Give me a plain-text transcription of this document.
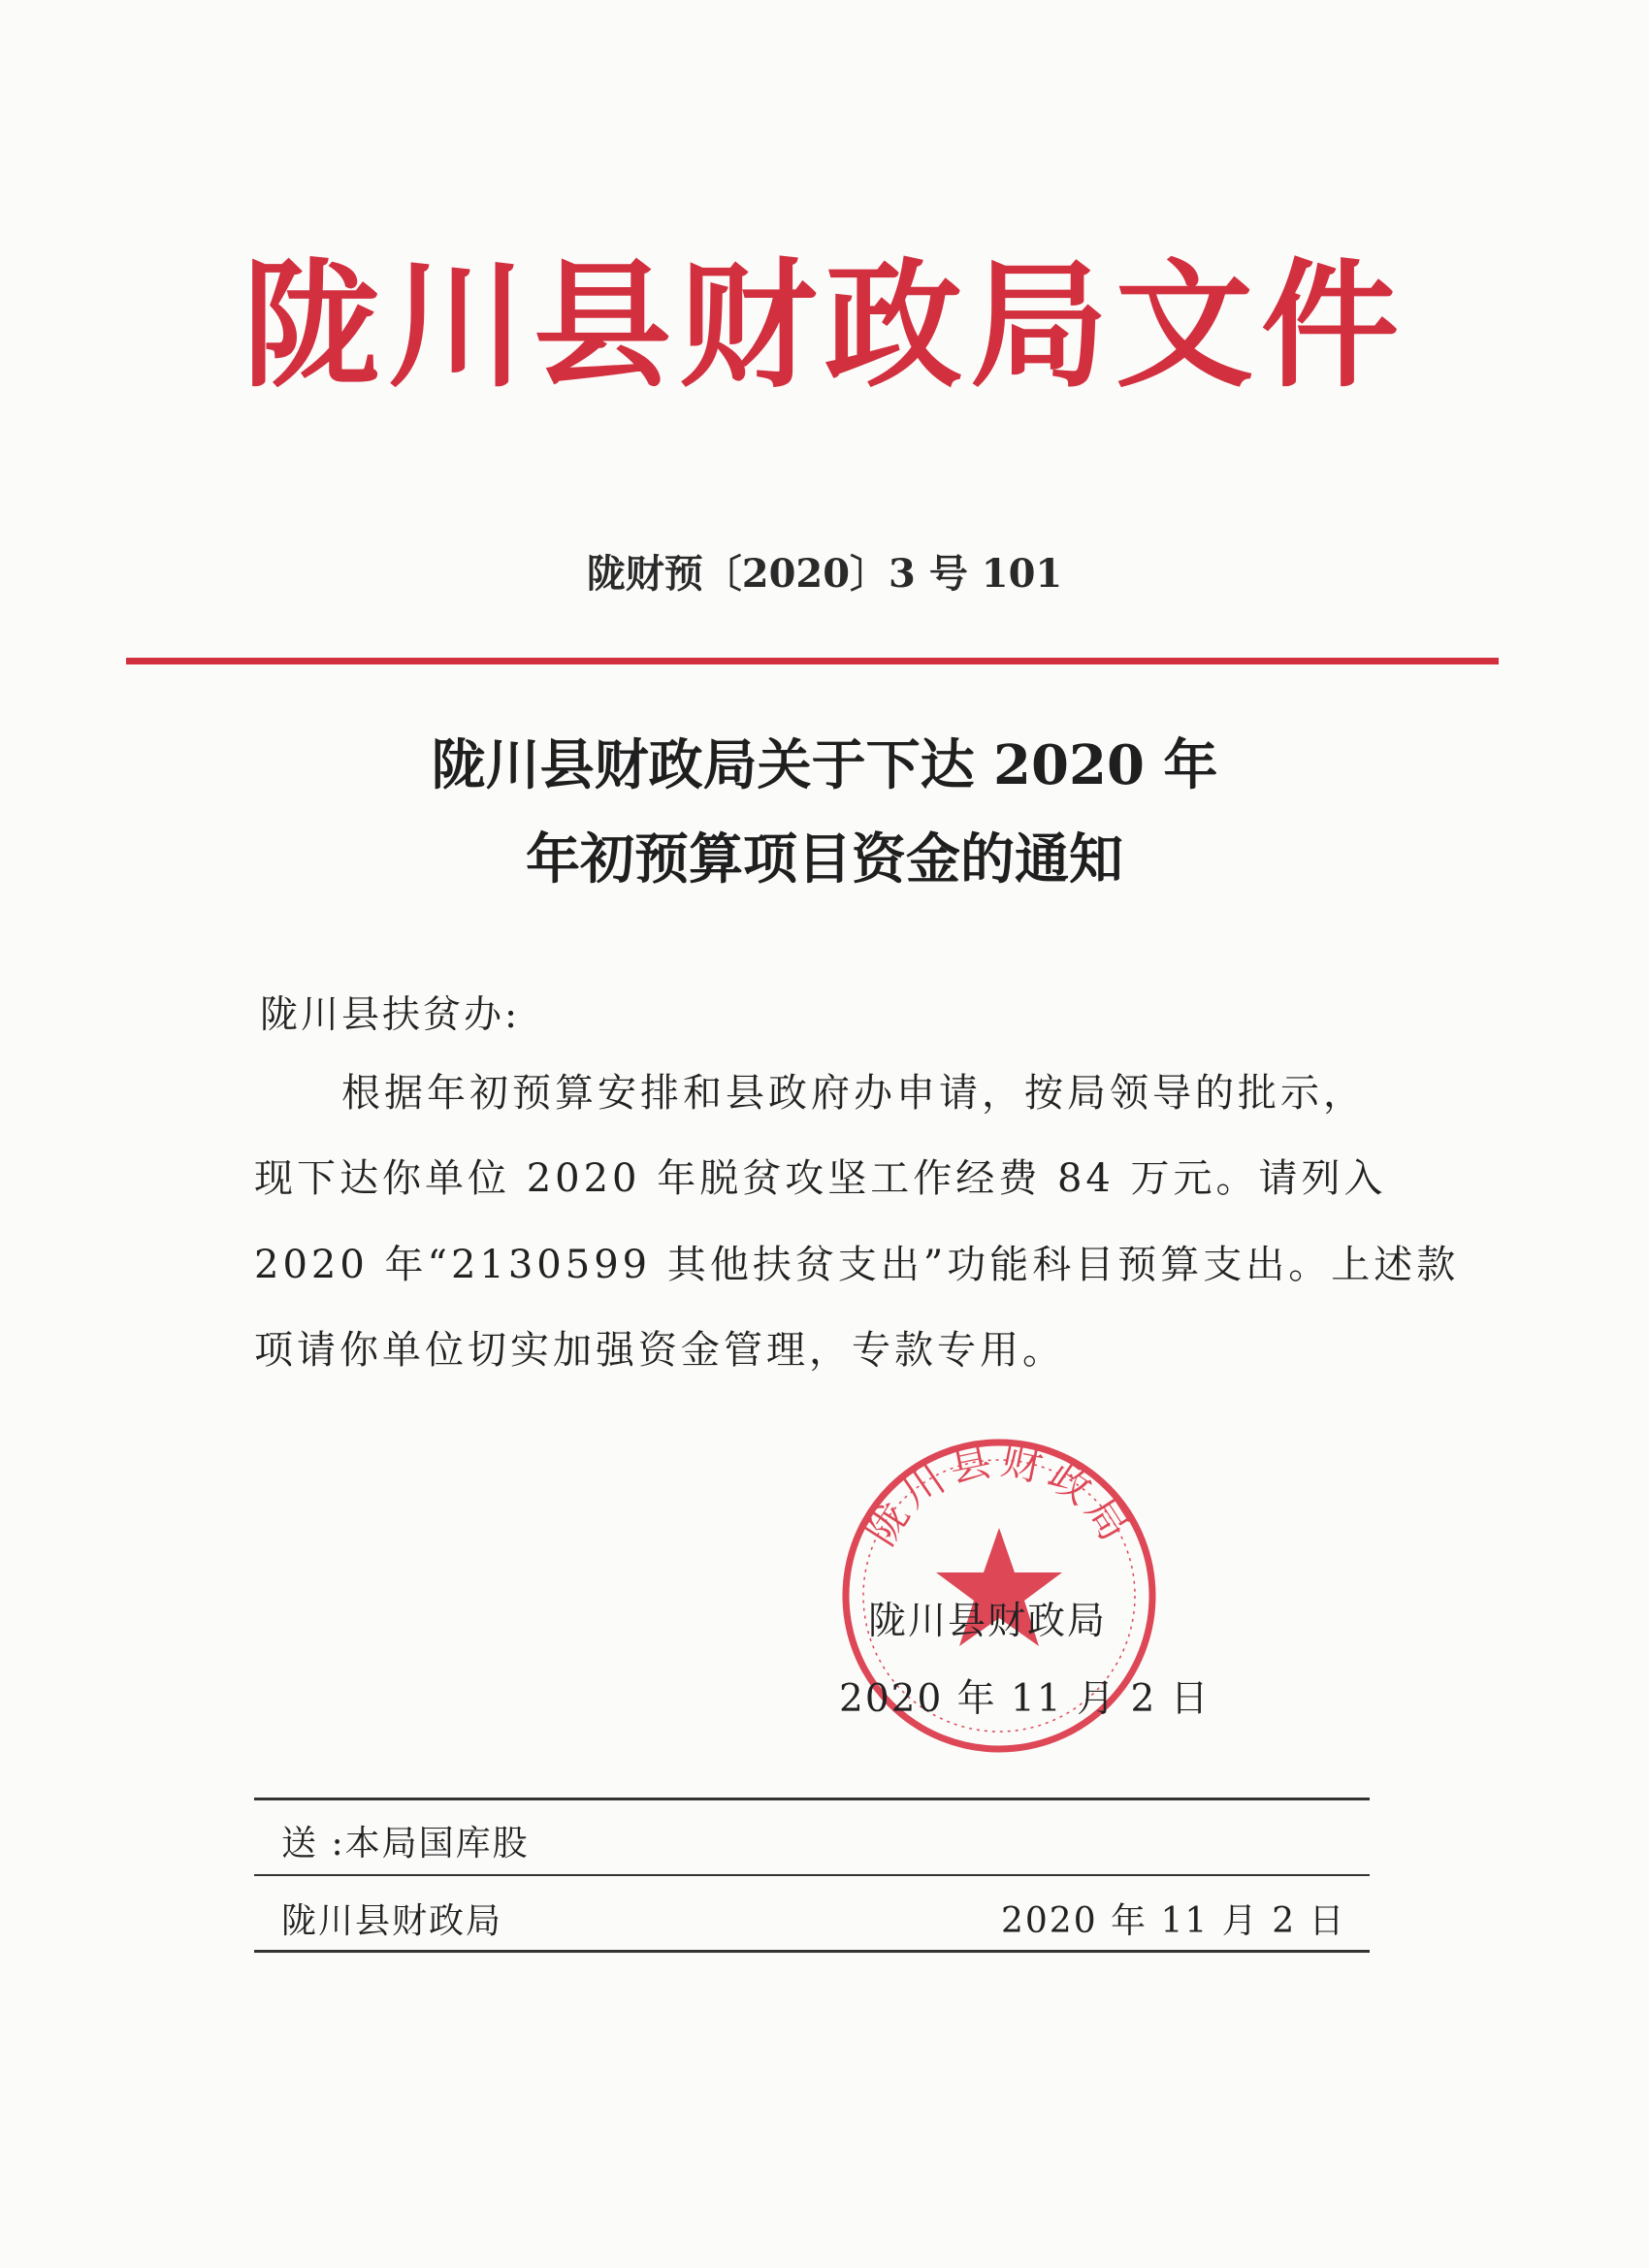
陇川县财政局文件
陇财预〔2020〕3 号 101
陇川县财政局关于下达 2020 年
年初预算项目资金的通知
陇川县扶贫办:
根据年初预算安排和县政府办申请，按局领导的批示，
现下达你单位 2020 年脱贫攻坚工作经费 84 万元。请列入
2020 年“2130599 其他扶贫支出”功能科目预算支出。上述款
项请你单位切实加强资金管理，专款专用。
陇川县财政局
陇川县财政局
2020 年 11 月 2 日
送 :本局国库股
陇川县财政局	2020 年 11 月 2 日
